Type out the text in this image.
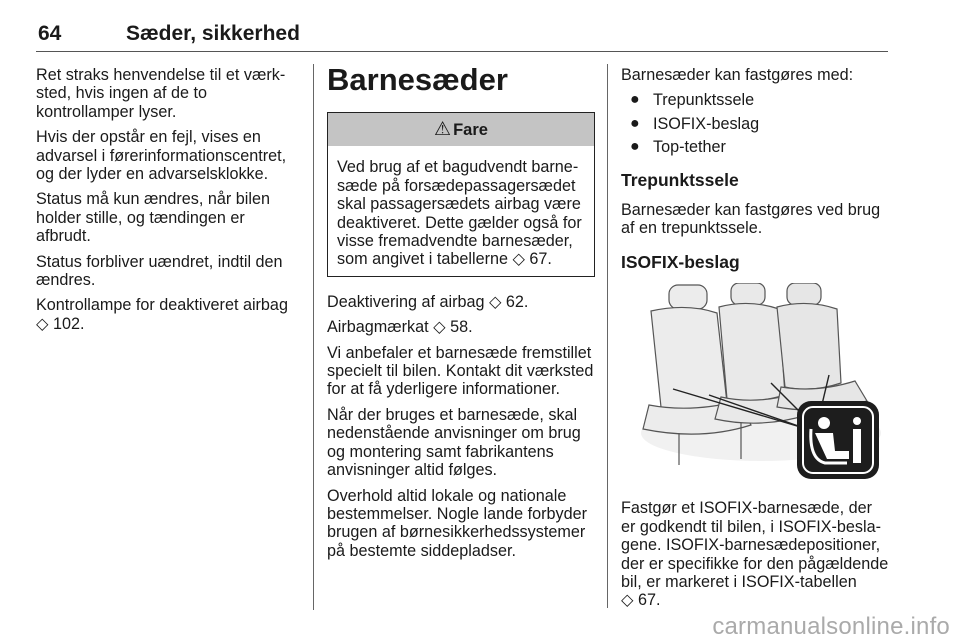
64	Sæder, sikkerhed

Ret straks henvendelse til et værksted, hvis ingen af de to kontrollamper lyser.

Hvis der opstår en fejl, vises en advarsel i førerinformationscentret, og der lyder en advarselsklokke.

Status må kun ændres, når bilen holder stille, og tændingen er afbrudt.

Status forbliver uændret, indtil den ændres.

Kontrollampe for deaktiveret airbag
◇ 102.

Barnesæder
⚠ Fare
Ved brug af et bagudvendt barnesæde på forsædepassagersædet skal passagersædets airbag være deaktiveret. Dette gælder også for visse fremadvendte barnesæder, som angivet i tabellerne ◇ 67.

Deaktivering af airbag ◇ 62.

Airbagmærkat ◇ 58.

Vi anbefaler et barnesæde fremstillet specielt til bilen. Kontakt dit værksted for at få yderligere informationer.

Når der bruges et barnesæde, skal nedenstående anvisninger om brug og montering samt fabrikantens anvisninger altid følges.

Overhold altid lokale og nationale bestemmelser. Nogle lande forbyder brugen af børnesikkerhedssystemer på bestemte siddepladser.

Barnesæder kan fastgøres med:

● Trepunktssele
● ISOFIX-beslag
● Top-tether
Trepunktssele

Barnesæder kan fastgøres ved brug af en trepunktssele.

ISOFIX-beslag

Fastgør et ISOFIX-barnesæde, der er godkendt til bilen, i ISOFIX-beslagene. ISOFIX-barnesædepositioner, der er specifikke for den pågældende bil, er markeret i ISOFIX-tabellen
◇ 67.

carmanualsonline.info
